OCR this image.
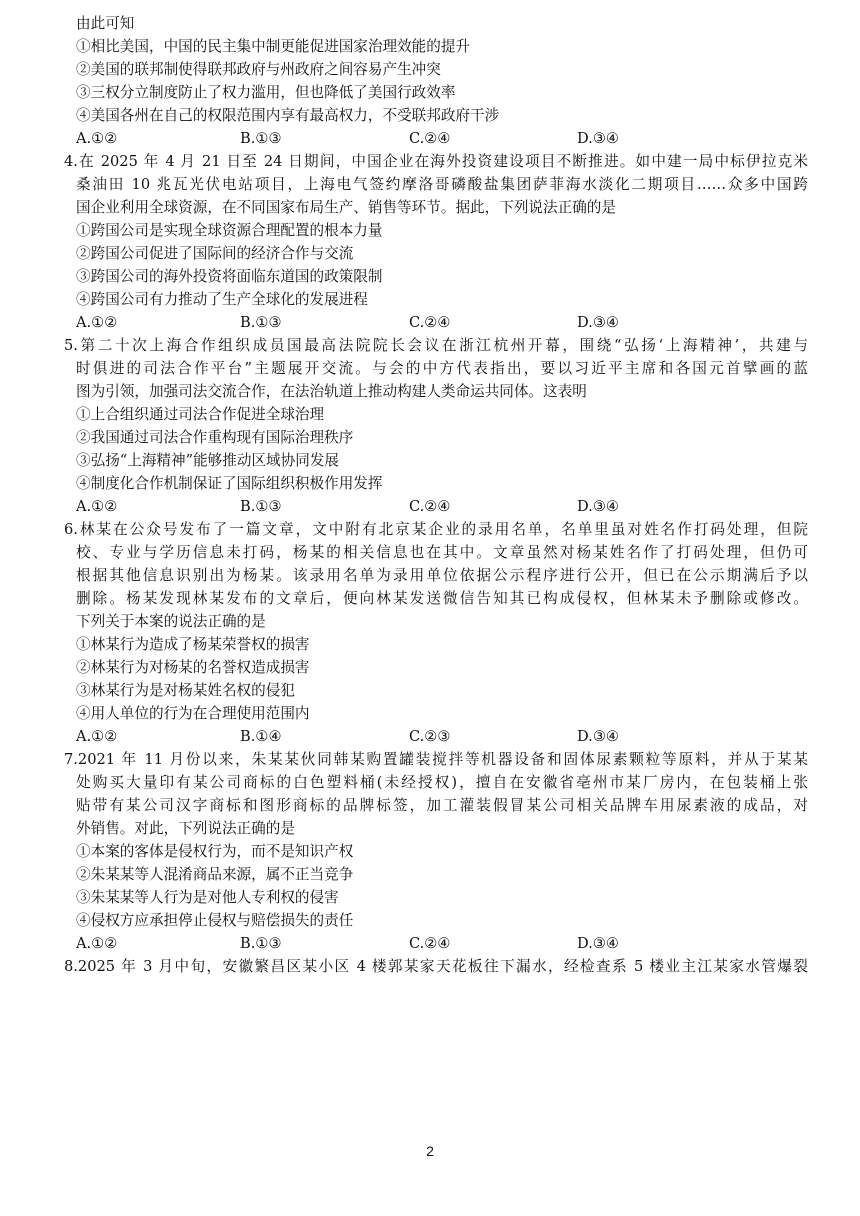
由此可知
①相比美国，中国的民主集中制更能促进国家治理效能的提升
②美国的联邦制使得联邦政府与州政府之间容易产生冲突
③三权分立制度防止了权力滥用，但也降低了美国行政效率
④美国各州在自己的权限范围内享有最高权力，不受联邦政府干涉
A.①②	B.①③	C.②④	D.③④
4.在 2025 年 4 月 21 日至 24 日期间，中国企业在海外投资建设项目不断推进。如中建一局中标伊拉克米
桑油田 10 兆瓦光伏电站项目，上海电气签约摩洛哥磷酸盐集团萨菲海水淡化二期项目……众多中国跨
国企业利用全球资源，在不同国家布局生产、销售等环节。据此，下列说法正确的是
①跨国公司是实现全球资源合理配置的根本力量
②跨国公司促进了国际间的经济合作与交流
③跨国公司的海外投资将面临东道国的政策限制
④跨国公司有力推动了生产全球化的发展进程
A.①②	B.①③	C.②④	D.③④
5.第二十次上海合作组织成员国最高法院院长会议在浙江杭州开幕，围绕“弘扬‘上海精神’，共建与
时俱进的司法合作平台”主题展开交流。与会的中方代表指出，要以习近平主席和各国元首擘画的蓝
图为引领，加强司法交流合作，在法治轨道上推动构建人类命运共同体。这表明
①上合组织通过司法合作促进全球治理
②我国通过司法合作重构现有国际治理秩序
③弘扬“上海精神”能够推动区域协同发展
④制度化合作机制保证了国际组织积极作用发挥
A.①②	B.①③	C.②④	D.③④
6.林某在公众号发布了一篇文章，文中附有北京某企业的录用名单，名单里虽对姓名作打码处理，但院
校、专业与学历信息未打码，杨某的相关信息也在其中。文章虽然对杨某姓名作了打码处理，但仍可
根据其他信息识别出为杨某。该录用名单为录用单位依据公示程序进行公开，但已在公示期满后予以
删除。杨某发现林某发布的文章后，便向林某发送微信告知其已构成侵权，但林某未予删除或修改。
下列关于本案的说法正确的是
①林某行为造成了杨某荣誉权的损害
②林某行为对杨某的名誉权造成损害
③林某行为是对杨某姓名权的侵犯
④用人单位的行为在合理使用范围内
A.①②	B.①④	C.②③	D.③④
7.2021 年 11 月份以来，朱某某伙同韩某购置罐装搅拌等机器设备和固体尿素颗粒等原料，并从于某某
处购买大量印有某公司商标的白色塑料桶(未经授权)，擅自在安徽省亳州市某厂房内，在包装桶上张
贴带有某公司汉字商标和图形商标的品牌标签，加工灌装假冒某公司相关品牌车用尿素液的成品，对
外销售。对此，下列说法正确的是
①本案的客体是侵权行为，而不是知识产权
②朱某某等人混淆商品来源，属不正当竞争
③朱某某等人行为是对他人专利权的侵害
④侵权方应承担停止侵权与赔偿损失的责任
A.①②	B.①③	C.②④	D.③④
8.2025 年 3 月中旬，安徽繁昌区某小区 4 楼郭某家天花板往下漏水，经检查系 5 楼业主江某家水管爆裂
2
